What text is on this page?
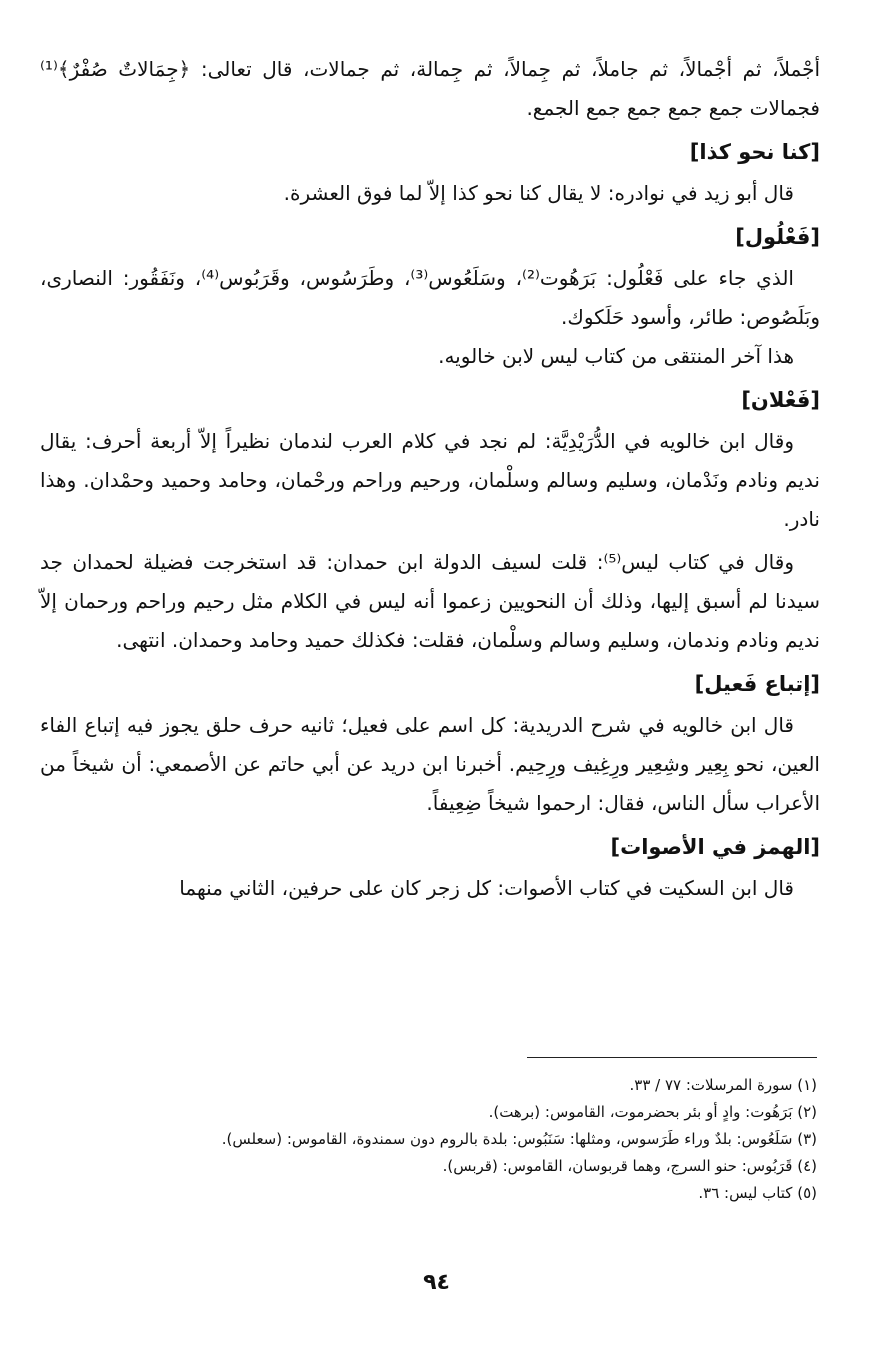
أجْملاً، ثم أجْمالاً، ثم جاملاً، ثم جِمالاً، ثم جِمالة، ثم جمالات، قال تعالى: ﴿جِمَالاتٌ صُفْرٌ﴾⁽¹⁾ فجمالات جمع جمع جمع جمع الجمع.

[كنا نحو كذا]

قال أبو زيد في نوادره: لا يقال كنا نحو كذا إلاّ لما فوق العشرة.

[فَعْلُول]

الذي جاء على فَعْلُول: بَرَهُوت⁽²⁾، وسَلَعُوس⁽³⁾، وطَرَسُوس، وقَرَبُوس⁽⁴⁾، ونَفَقُور: النصارى، وبَلَصُوص: طائر، وأسود حَلَكوك.

هذا آخر المنتقى من كتاب ليس لابن خالويه.

[فَعْلان]

وقال ابن خالويه في الدُّرَيْدِيَّة: لم نجد في كلام العرب لندمان نظيراً إلاّ أربعة أحرف: يقال نديم ونادم ونَدْمان، وسليم وسالم وسلْمان، ورحيم وراحم ورحْمان، وحامد وحميد وحمْدان. وهذا نادر.

وقال في كتاب ليس⁽⁵⁾: قلت لسيف الدولة ابن حمدان: قد استخرجت فضيلة لحمدان جد سيدنا لم أسبق إليها، وذلك أن النحويين زعموا أنه ليس في الكلام مثل رحيم وراحم ورحمان إلاّ نديم ونادم وندمان، وسليم وسالم وسلْمان، فقلت: فكذلك حميد وحامد وحمدان. انتهى.

[إتباع فَعيل]

قال ابن خالويه في شرح الدريدية: كل اسم على فعيل؛ ثانيه حرف حلق يجوز فيه إتباع الفاء العين، نحو بِعِير وشِعِير ورِغِيف ورِحِيم. أخبرنا ابن دريد عن أبي حاتم عن الأصمعي: أن شيخاً من الأعراب سأل الناس، فقال: ارحموا شيخاً ضِعِيفاً.

[الهمز في الأصوات]

قال ابن السكيت في كتاب الأصوات: كل زجر كان على حرفين، الثاني منهما

(١) سورة المرسلات: ٧٧ / ٣٣.

(٢) بَرَهُوت: وادٍ أو بئر بحضرموت، القاموس: (برهت).

(٣) سَلَعُوس: بلدٌ وراء طَرَسوس، ومثلها: سَنَبُوس: بلدة بالروم دون سمندوة، القاموس: (سعلس).

(٤) قَرَبُوس: حنو السرج، وهما قربوسان، القاموس: (قربس).

(٥) كتاب ليس: ٣٦.

٩٤
